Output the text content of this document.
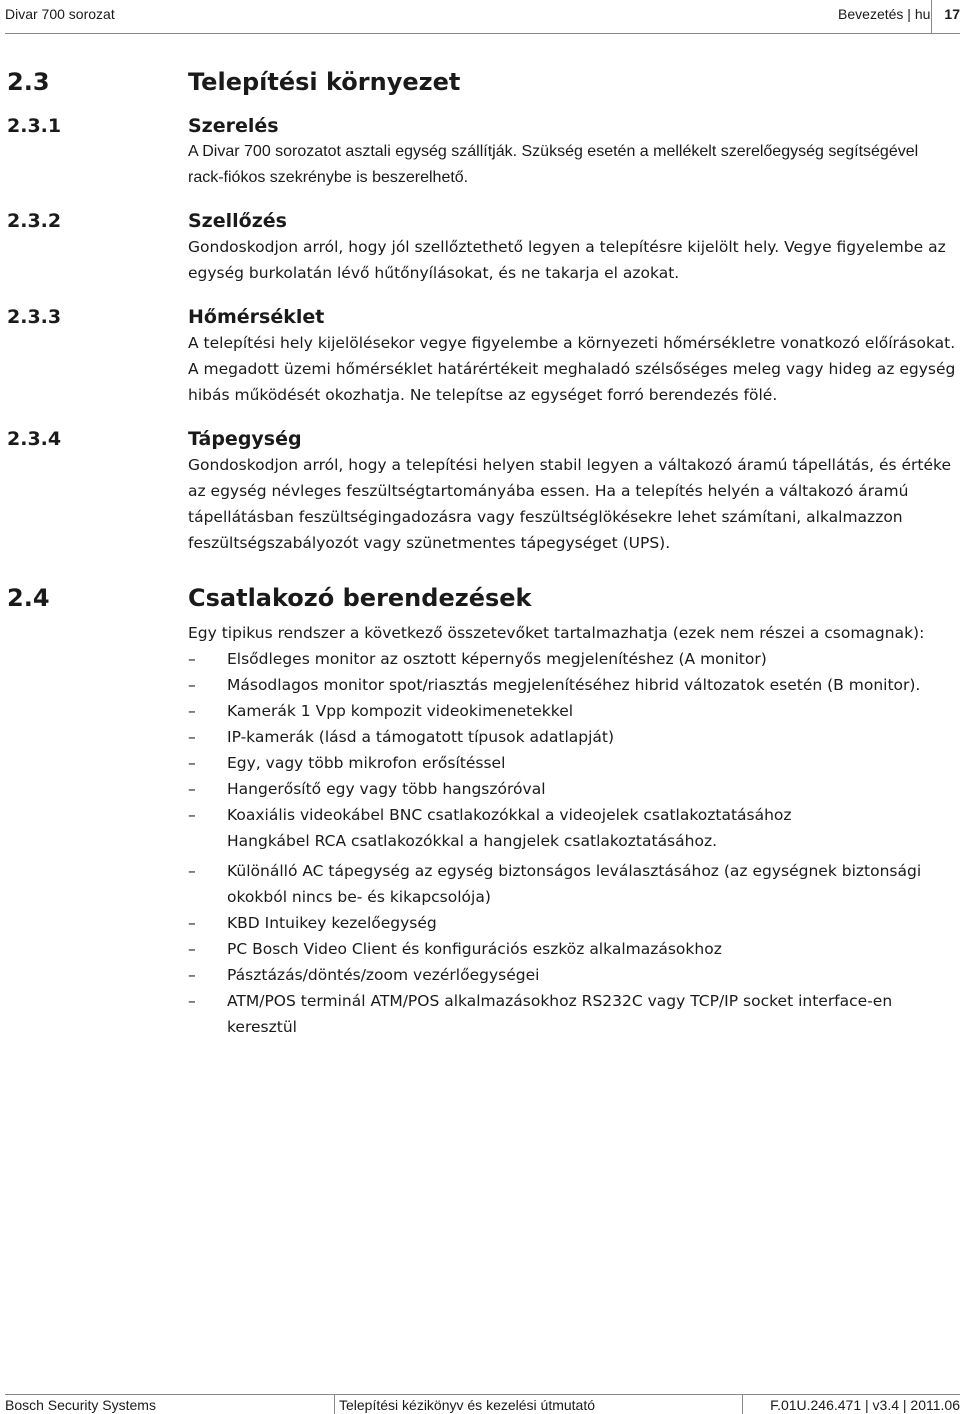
Divar 700 sorozat	Bevezetés | hu 17
2.3	Telepítési környezet
2.3.1	Szerelés

A Divar 700 sorozatot asztali egység szállítják. Szükség esetén a mellékelt szerelőegység segítségével rack-fiókos szekrénybe is beszerelhető.

2.3.2	Szellőzés

Gondoskodjon arról, hogy jól szellőztethető legyen a telepítésre kijelölt hely. Vegye figyelembe az egység burkolatán lévő hűtőnyílásokat, és ne takarja el azokat.

2.3.3	Hőmérséklet

A telepítési hely kijelölésekor vegye figyelembe a környezeti hőmérsékletre vonatkozó előírásokat. A megadott üzemi hőmérséklet határértékeit meghaladó szélsőséges meleg vagy hideg az egység hibás működését okozhatja. Ne telepítse az egységet forró berendezés fölé.

2.3.4	Tápegység

Gondoskodjon arról, hogy a telepítési helyen stabil legyen a váltakozó áramú tápellátás, és értéke az egység névleges feszültségtartományába essen. Ha a telepítés helyén a váltakozó áramú tápellátásban feszültségingadozásra vagy feszültséglökésekre lehet számítani, alkalmazzon feszültségszabályozót vagy szünetmentes tápegységet (UPS).

2.4	Csatlakozó berendezések

Egy tipikus rendszer a következő összetevőket tartalmazhatja (ezek nem részei a csomagnak):

– Elsődleges monitor az osztott képernyős megjelenítéshez (A monitor)
– Másodlagos monitor spot/riasztás megjelenítéséhez hibrid változatok esetén (B monitor).
– Kamerák 1 Vpp kompozit videokimenetekkel
– IP-kamerák (lásd a támogatott típusok adatlapját)
– Egy, vagy több mikrofon erősítéssel
– Hangerősítő egy vagy több hangszóróval
– Koaxiális videokábel BNC csatlakozókkal a videojelek csatlakoztatásához
Hangkábel RCA csatlakozókkal a hangjelek csatlakoztatásához.
– Különálló AC tápegység az egység biztonságos leválasztásához (az egységnek biztonsági okokból nincs be- és kikapcsolója)
– KBD Intuikey kezelőegység
– PC Bosch Video Client és konfigurációs eszköz alkalmazásokhoz
– Pásztázás/döntés/zoom vezérlőegységei
– ATM/POS terminál ATM/POS alkalmazásokhoz RS232C vagy TCP/IP socket interface-en keresztül
Bosch Security Systems	Telepítési kézikönyv és kezelési útmutató	F.01U.246.471 | v3.4 | 2011.06
